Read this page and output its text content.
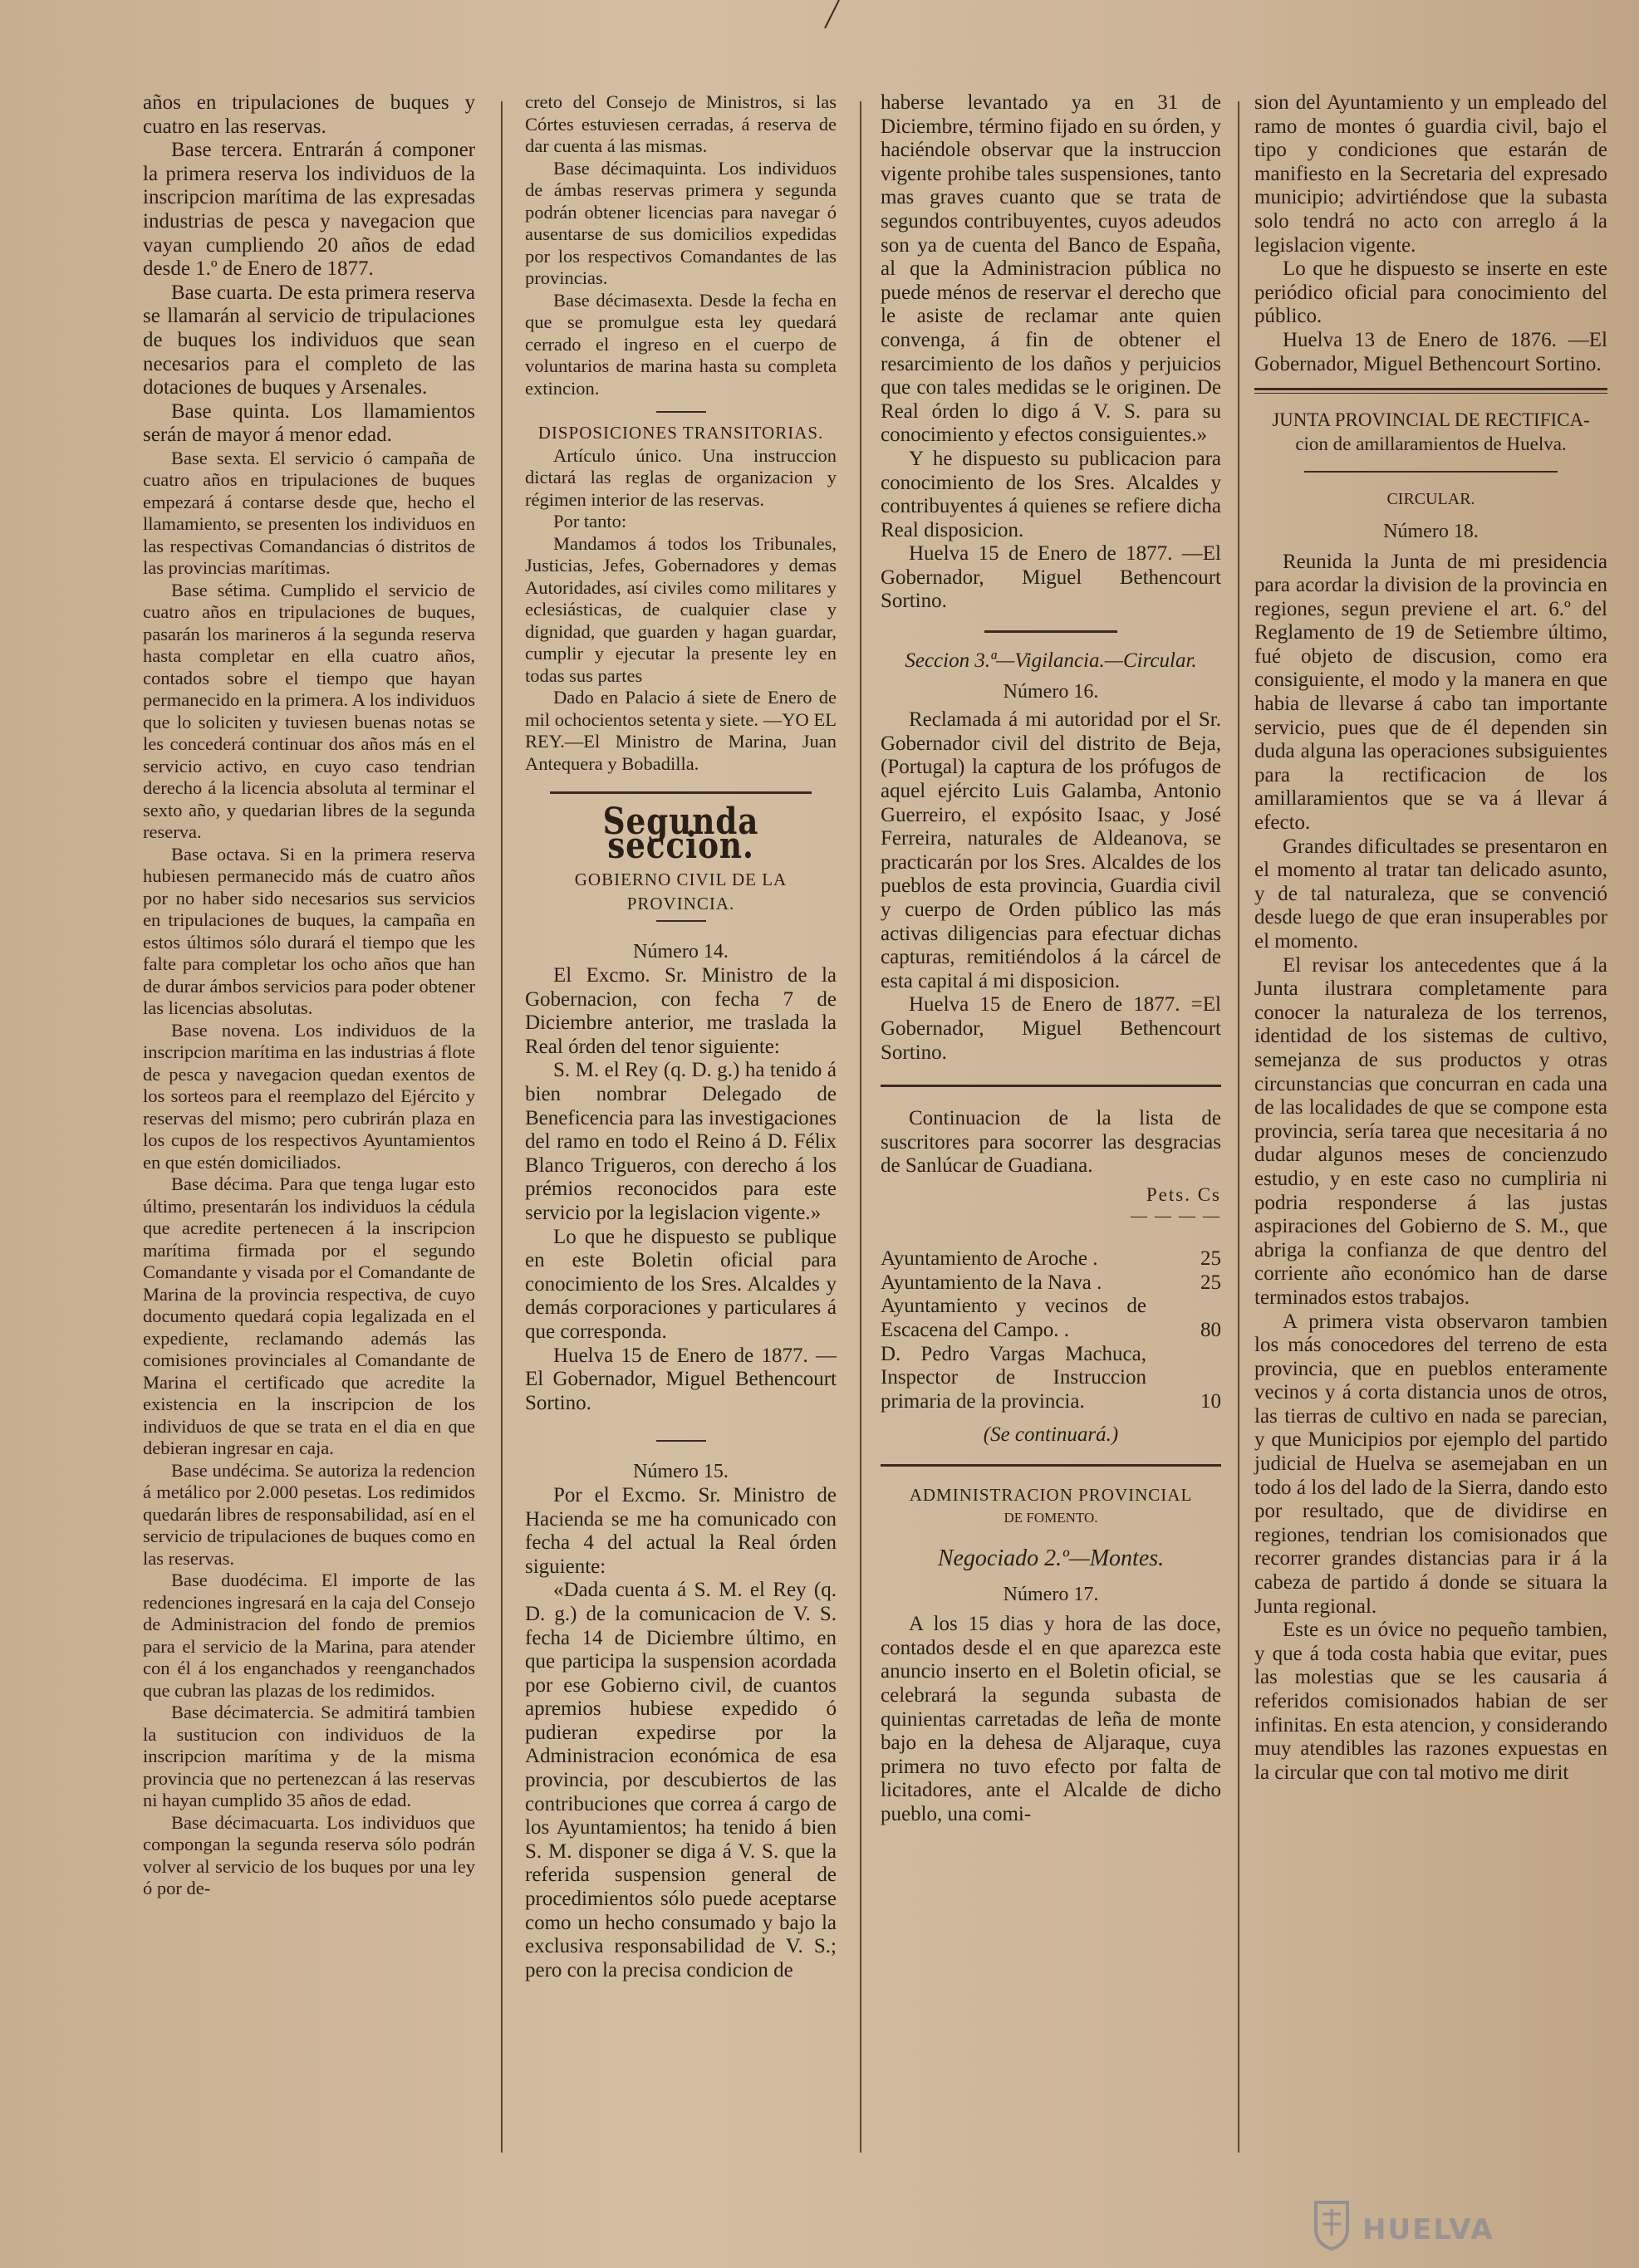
años en tripulaciones de buques y cuatro en las reservas.

Base tercera. Entrarán á componer la primera reserva los individuos de la inscripcion marítima de las expresadas industrias de pesca y navegacion que vayan cumpliendo 20 años de edad desde 1.º de Enero de 1877.

Base cuarta. De esta primera reserva se llamarán al servicio de tripulaciones de buques los individuos que sean necesarios para el completo de las dotaciones de buques y Arsenales.

Base quinta. Los llamamientos serán de mayor á menor edad.

Base sexta. El servicio ó campaña de cuatro años en tripulaciones de buques empezará á contarse desde que, hecho el llamamiento, se presenten los individuos en las respectivas Comandancias ó distritos de las provincias marítimas.

Base sétima. Cumplido el servicio de cuatro años en tripulaciones de buques, pasarán los marineros á la segunda reserva hasta completar en ella cuatro años, contados sobre el tiempo que hayan permanecido en la primera. A los individuos que lo soliciten y tuviesen buenas notas se les concederá continuar dos años más en el servicio activo, en cuyo caso tendrian derecho á la licencia absoluta al terminar el sexto año, y quedarian libres de la segunda reserva.

Base octava. Si en la primera reserva hubiesen permanecido más de cuatro años por no haber sido necesarios sus servicios en tripulaciones de buques, la campaña en estos últimos sólo durará el tiempo que les falte para completar los ocho años que han de durar ámbos servicios para poder obtener las licencias absolutas.

Base novena. Los individuos de la inscripcion marítima en las industrias á flote de pesca y navegacion quedan exentos de los sorteos para el reemplazo del Ejército y reservas del mismo; pero cubrirán plaza en los cupos de los respectivos Ayuntamientos en que estén domiciliados.

Base décima. Para que tenga lugar esto último, presentarán los individuos la cédula que acredite pertenecen á la inscripcion marítima firmada por el segundo Comandante y visada por el Comandante de Marina de la provincia respectiva, de cuyo documento quedará copia legalizada en el expediente, reclamando además las comisiones provinciales al Comandante de Marina el certificado que acredite la existencia en la inscripcion de los individuos de que se trata en el dia en que debieran ingresar en caja.

Base undécima. Se autoriza la redencion á metálico por 2.000 pesetas. Los redimidos quedarán libres de responsabilidad, así en el servicio de tripulaciones de buques como en las reservas.

Base duodécima. El importe de las redenciones ingresará en la caja del Consejo de Administracion del fondo de premios para el servicio de la Marina, para atender con él á los enganchados y reenganchados que cubran las plazas de los redimidos.

Base décimatercia. Se admitirá tambien la sustitucion con individuos de la inscripcion marítima y de la misma provincia que no pertenezcan á las reservas ni hayan cumplido 35 años de edad.

Base décimacuarta. Los individuos que compongan la segunda reserva sólo podrán volver al servicio de los buques por una ley ó por de-

creto del Consejo de Ministros, si las Córtes estuviesen cerradas, á reserva de dar cuenta á las mismas.

Base décimaquinta. Los individuos de ámbas reservas primera y segunda podrán obtener licencias para navegar ó ausentarse de sus domicilios expedidas por los respectivos Comandantes de las provincias.

Base décimasexta. Desde la fecha en que se promulgue esta ley quedará cerrado el ingreso en el cuerpo de voluntarios de marina hasta su completa extincion.

DISPOSICIONES TRANSITORIAS.

Artículo único. Una instruccion dictará las reglas de organizacion y régimen interior de las reservas.

Por tanto:

Mandamos á todos los Tribunales, Justicias, Jefes, Gobernadores y demas Autoridades, así civiles como militares y eclesiásticas, de cualquier clase y dignidad, que guarden y hagan guardar, cumplir y ejecutar la presente ley en todas sus partes

Dado en Palacio á siete de Enero de mil ochocientos setenta y siete. —YO EL REY.—El Ministro de Marina, Juan Antequera y Bobadilla.

Segunda seccion.

GOBIERNO CIVIL DE LA PROVINCIA.

Número 14.

El Excmo. Sr. Ministro de la Gobernacion, con fecha 7 de Diciembre anterior, me traslada la Real órden del tenor siguiente:

S. M. el Rey (q. D. g.) ha tenido á bien nombrar Delegado de Beneficencia para las investigaciones del ramo en todo el Reino á D. Félix Blanco Trigueros, con derecho á los prémios reconocidos para este servicio por la legislacion vigente.»

Lo que he dispuesto se publique en este Boletin oficial para conocimiento de los Sres. Alcaldes y demás corporaciones y particulares á que corresponda.

Huelva 15 de Enero de 1877. —El Gobernador, Miguel Bethencourt Sortino.

Número 15.

Por el Excmo. Sr. Ministro de Hacienda se me ha comunicado con fecha 4 del actual la Real órden siguiente:

«Dada cuenta á S. M. el Rey (q. D. g.) de la comunicacion de V. S. fecha 14 de Diciembre último, en que participa la suspension acordada por ese Gobierno civil, de cuantos apremios hubiese expedido ó pudieran expedirse por la Administracion económica de esa provincia, por descubiertos de las contribuciones que correa á cargo de los Ayuntamientos; ha tenido á bien S. M. disponer se diga á V. S. que la referida suspension general de procedimientos sólo puede aceptarse como un hecho consumado y bajo la exclusiva responsabilidad de V. S.; pero con la precisa condicion de

haberse levantado ya en 31 de Diciembre, término fijado en su órden, y haciéndole observar que la instruccion vigente prohibe tales suspensiones, tanto mas graves cuanto que se trata de segundos contribuyentes, cuyos adeudos son ya de cuenta del Banco de España, al que la Administracion pública no puede ménos de reservar el derecho que le asiste de reclamar ante quien convenga, á fin de obtener el resarcimiento de los daños y perjuicios que con tales medidas se le originen. De Real órden lo digo á V. S. para su conocimiento y efectos consiguientes.»

Y he dispuesto su publicacion para conocimiento de los Sres. Alcaldes y contribuyentes á quienes se refiere dicha Real disposicion.

Huelva 15 de Enero de 1877. —El Gobernador, Miguel Bethencourt Sortino.

Seccion 3.ª—Vigilancia.—Circular.

Número 16.

Reclamada á mi autoridad por el Sr. Gobernador civil del distrito de Beja, (Portugal) la captura de los prófugos de aquel ejército Luis Galamba, Antonio Guerreiro, el expósito Isaac, y José Ferreira, naturales de Aldeanova, se practicarán por los Sres. Alcaldes de los pueblos de esta provincia, Guardia civil y cuerpo de Orden público las más activas diligencias para efectuar dichas capturas, remitiéndolos á la cárcel de esta capital á mi disposicion.

Huelva 15 de Enero de 1877. =El Gobernador, Miguel Bethencourt Sortino.

Continuacion de la lista de suscritores para socorrer las desgracias de Sanlúcar de Guadiana.

Pets. Cs
— — — —
Ayuntamiento de Aroche .	25
Ayuntamiento de la Nava .	25
Ayuntamiento y vecinos de Escacena del Campo. .	80
D. Pedro Vargas Machuca, Inspector de Instruccion primaria de la provincia.	10

(Se continuará.)

ADMINISTRACION PROVINCIAL

DE FOMENTO.

Negociado 2.º—Montes.

Número 17.

A los 15 dias y hora de las doce, contados desde el en que aparezca este anuncio inserto en el Boletin oficial, se celebrará la segunda subasta de quinientas carretadas de leña de monte bajo en la dehesa de Aljaraque, cuya primera no tuvo efecto por falta de licitadores, ante el Alcalde de dicho pueblo, una comi-

sion del Ayuntamiento y un empleado del ramo de montes ó guardia civil, bajo el tipo y condiciones que estarán de manifiesto en la Secretaria del expresado municipio; advirtiéndose que la subasta solo tendrá no acto con arreglo á la legislacion vigente.

Lo que he dispuesto se inserte en este periódico oficial para conocimiento del público.

Huelva 13 de Enero de 1876. —El Gobernador, Miguel Bethencourt Sortino.

JUNTA PROVINCIAL DE RECTIFICA-

cion de amillaramientos de Huelva.

CIRCULAR.

Número 18.

Reunida la Junta de mi presidencia para acordar la division de la provincia en regiones, segun previene el art. 6.º del Reglamento de 19 de Setiembre último, fué objeto de discusion, como era consiguiente, el modo y la manera en que habia de llevarse á cabo tan importante servicio, pues que de él dependen sin duda alguna las operaciones subsiguientes para la rectificacion de los amillaramientos que se va á llevar á efecto.

Grandes dificultades se presentaron en el momento al tratar tan delicado asunto, y de tal naturaleza, que se convenció desde luego de que eran insuperables por el momento.

El revisar los antecedentes que á la Junta ilustrara completamente para conocer la naturaleza de los terrenos, identidad de los sistemas de cultivo, semejanza de sus productos y otras circunstancias que concurran en cada una de las localidades de que se compone esta provincia, sería tarea que necesitaria á no dudar algunos meses de concienzudo estudio, y en este caso no cumpliria ni podria responderse á las justas aspiraciones del Gobierno de S. M., que abriga la confianza de que dentro del corriente año económico han de darse terminados estos trabajos.

A primera vista observaron tambien los más conocedores del terreno de esta provincia, que en pueblos enteramente vecinos y á corta distancia unos de otros, las tierras de cultivo en nada se parecian, y que Municipios por ejemplo del partido judicial de Huelva se asemejaban en un todo á los del lado de la Sierra, dando esto por resultado, que de dividirse en regiones, tendrian los comisionados que recorrer grandes distancias para ir á la cabeza de partido á donde se situara la Junta regional.

Este es un óvice no pequeño tambien, y que á toda costa habia que evitar, pues las molestias que se les causaria á referidos comisionados habian de ser infinitas. En esta atencion, y considerando muy atendibles las razones expuestas en la circular que con tal motivo me dirit

HUELVA
